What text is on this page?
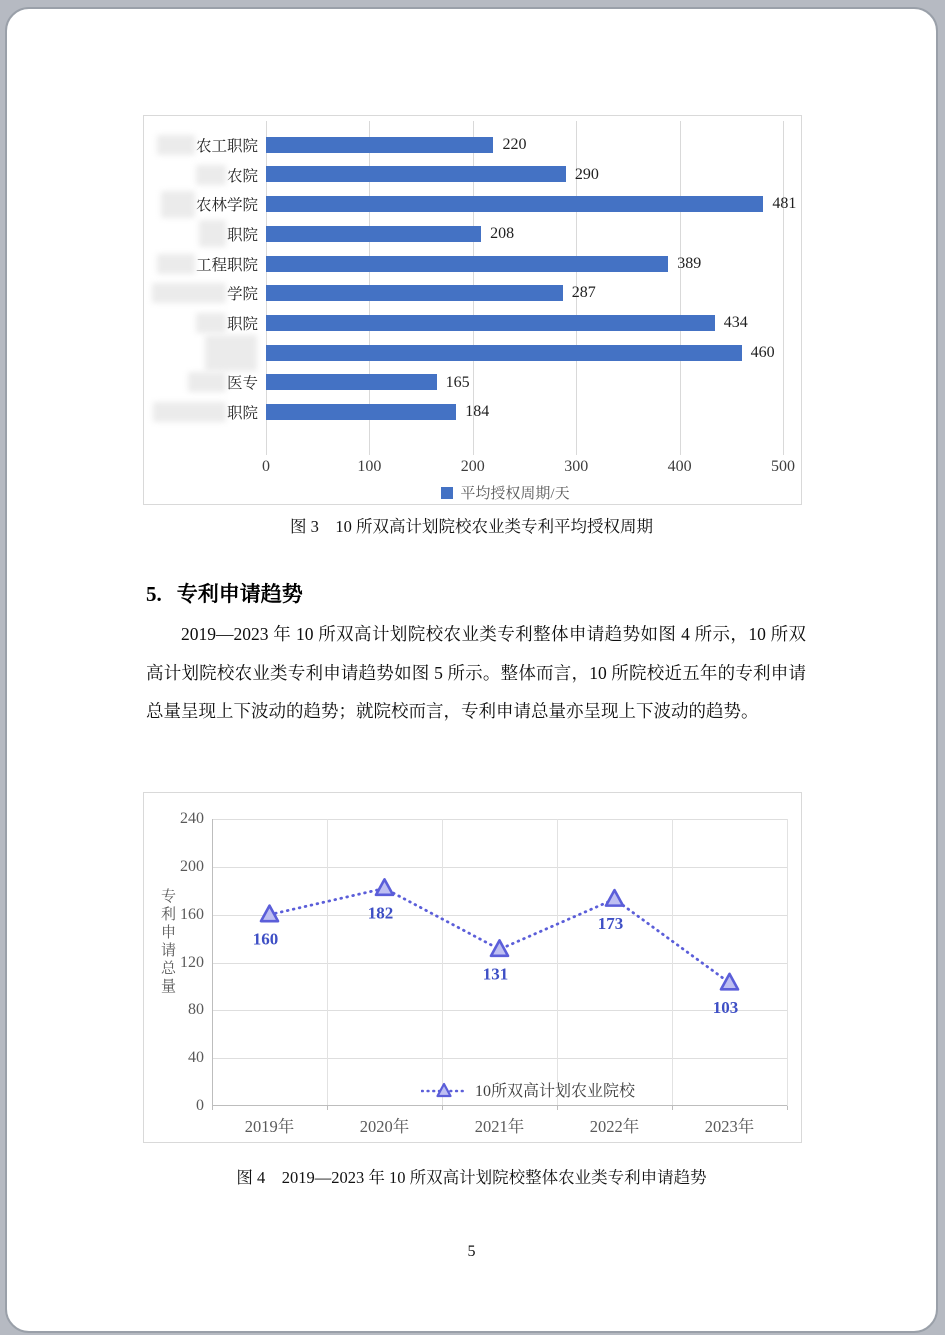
农工职院	220
农院	290
农林学院	481
职院	208
工程职院	389
学院	287
职院	434
460
医专	165
职院	184
0	100	200	300	400	500
平均授权周期/天
图 3　10 所双高计划院校农业类专利平均授权周期
5. 专利申请趋势
2019—2023 年 10 所双高计划院校农业类专利整体申请趋势如图 4 所示，10 所双高计划院校农业类专利申请趋势如图 5 所示。整体而言，10 所院校近五年的专利申请总量呈现上下波动的趋势；就院校而言，专利申请总量亦呈现上下波动的趋势。
0
40
80
120
160
200
240
专利申请总量	160
182
131
173
103
2019年	2020年	2021年	2022年	2023年
10所双高计划农业院校
图 4　2019—2023 年 10 所双高计划院校整体农业类专利申请趋势
5
